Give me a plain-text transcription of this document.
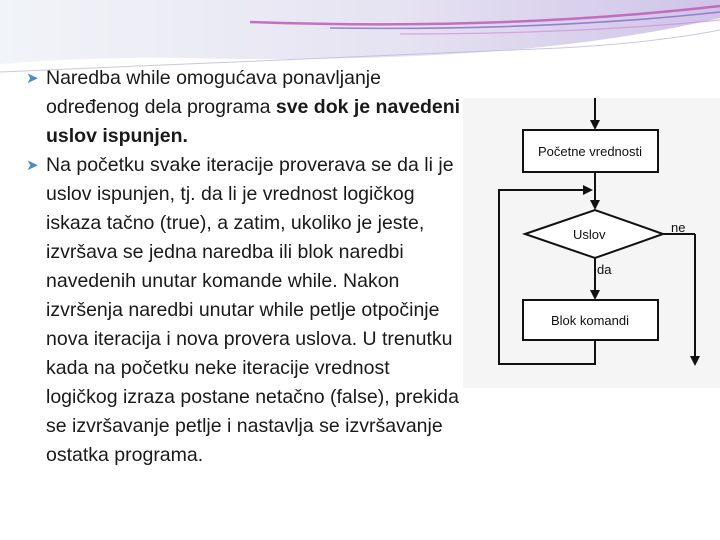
➤ Naredba while omogućava ponavljanje određenog dela programa sve dok je navedeni uslov ispunjen.

➤ Na početku svake iteracije proverava se da li je uslov ispunjen, tj. da li je vrednost logičkog iskaza tačno (true), a zatim, ukoliko je jeste, izvršava se jedna naredba ili blok naredbi navedenih unutar komande while. Nakon izvršenja naredbi unutar while petlje otpočinje nova iteracija i nova provera uslova. U trenutku kada na početku neke iteracije vrednost logičkog izraza postane netačno (false), prekida se izvršavanje petlje i nastavlja se izvršavanje ostatka programa.

Početne vrednosti
Uslov	ne
da
Blok komandi
